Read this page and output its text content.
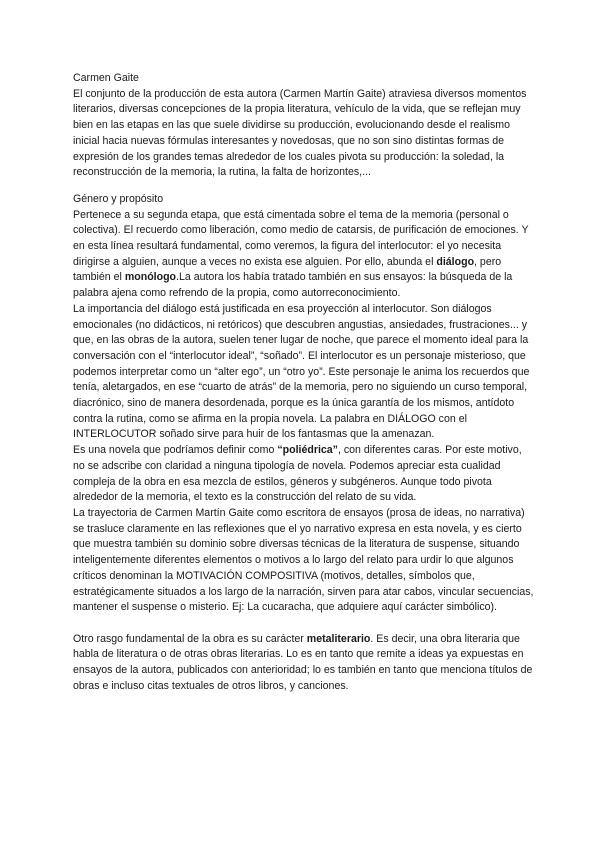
Carmen Gaite

El conjunto de la producción de esta autora (Carmen Martín Gaite) atraviesa diversos momentos literarios, diversas concepciones de la propia literatura, vehículo de la vida, que se reflejan muy bien en las etapas en las que suele dividirse su producción, evolucionando desde el realismo inicial hacia nuevas fórmulas interesantes y novedosas, que no son sino distintas formas de expresión de los grandes temas alrededor de los cuales pivota su producción: la soledad, la reconstrucción de la memoria, la rutina, la falta de horizontes,...

Género y propósito

Pertenece a su segunda etapa, que está cimentada sobre el tema de la memoria (personal o colectiva). El recuerdo como liberación, como medio de catarsis, de purificación de emociones. Y en esta línea resultará fundamental, como veremos, la figura del interlocutor: el yo necesita dirigirse a alguien, aunque a veces no exista ese alguien. Por ello, abunda el diálogo, pero también el monólogo.La autora los había tratado también en sus ensayos: la búsqueda de la palabra ajena como refrendo de la propia, como autorreconocimiento.

La importancia del diálogo está justificada en esa proyección al interlocutor. Son diálogos emocionales (no didácticos, ni retóricos) que descubren angustias, ansiedades, frustraciones... y que, en las obras de la autora, suelen tener lugar de noche, que parece el momento ideal para la conversación con el “interlocutor ideal”, “soñado”. El interlocutor es un personaje misterioso, que podemos interpretar como un “alter ego”, un “otro yo”. Este personaje le anima los recuerdos que tenía, aletargados, en ese “cuarto de atrás” de la memoria, pero no siguiendo un curso temporal, diacrónico, sino de manera desordenada, porque es la única garantía de los mismos, antídoto contra la rutina, como se afirma en la propia novela. La palabra en DIÁLOGO con el INTERLOCUTOR soñado sirve para huir de los fantasmas que la amenazan.

Es una novela que podríamos definir como “poliédrica”, con diferentes caras. Por este motivo, no se adscribe con claridad a ninguna tipología de novela. Podemos apreciar esta cualidad compleja de la obra en esa mezcla de estilos, géneros y subgéneros. Aunque todo pivota alrededor de la memoria, el texto es la construcción del relato de su vida.

La trayectoria de Carmen Martín Gaite como escritora de ensayos (prosa de ideas, no narrativa) se trasluce claramente en las reflexiones que el yo narrativo expresa en esta novela, y es cierto que muestra también su dominio sobre diversas técnicas de la literatura de suspense, situando inteligentemente diferentes elementos o motivos a lo largo del relato para urdir lo que algunos críticos denominan la MOTIVACIÓN COMPOSITIVA (motivos, detalles, símbolos que, estratégicamente situados a los largo de la narración, sirven para atar cabos, vincular secuencias, mantener el suspense o misterio. Ej: La cucaracha, que adquiere aquí carácter simbólico).

Otro rasgo fundamental de la obra es su carácter metaliterario. Es decir, una obra literaria que habla de literatura o de otras obras literarias. Lo es en tanto que remite a ideas ya expuestas en ensayos de la autora, publicados con anterioridad; lo es también en tanto que menciona títulos de obras e incluso citas textuales de otros libros, y canciones.
